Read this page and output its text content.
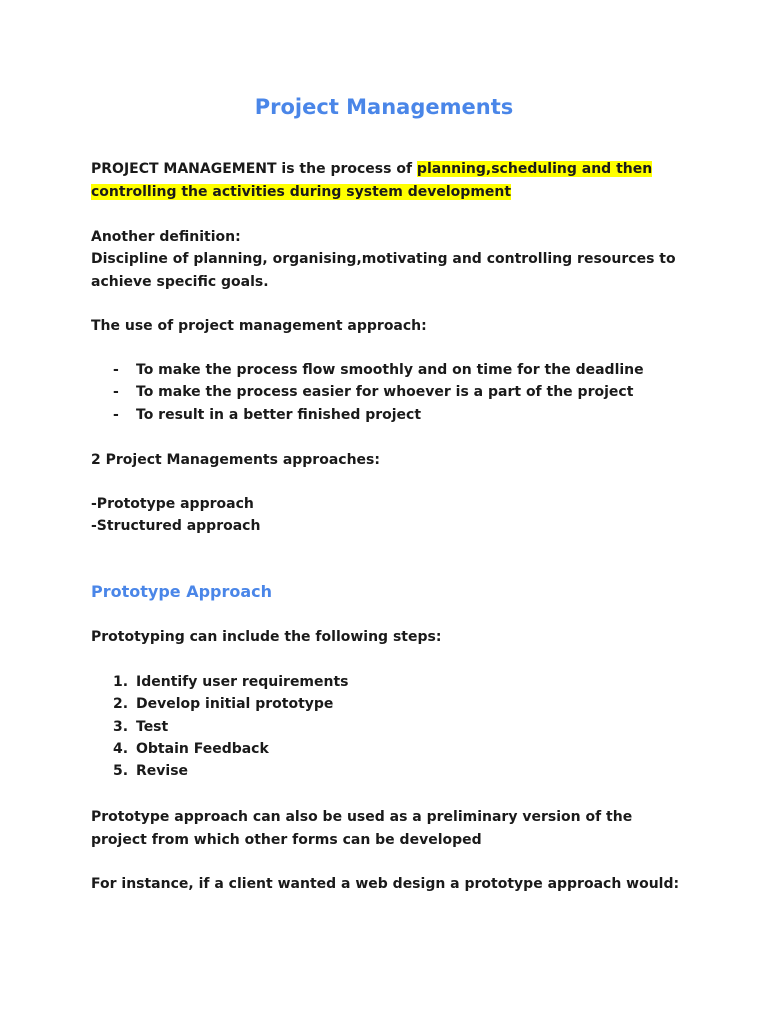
Project Managements

PROJECT MANAGEMENT is the process of planning,scheduling and then controlling the activities during system development

Another definition:

Discipline of planning, organising,motivating and controlling resources to achieve specific goals.

The use of project management approach:

- To make the process flow smoothly and on time for the deadline
- To make the process easier for whoever is a part of the project
- To result in a better finished project

2 Project Managements approaches:

-Prototype approach

-Structured approach

Prototype Approach

Prototyping can include the following steps:

1. Identify user requirements
2. Develop initial prototype
3. Test
4. Obtain Feedback
5. Revise

Prototype approach can also be used as a preliminary version of the project from which other forms can be developed

For instance, if a client wanted a web design a prototype approach would:
